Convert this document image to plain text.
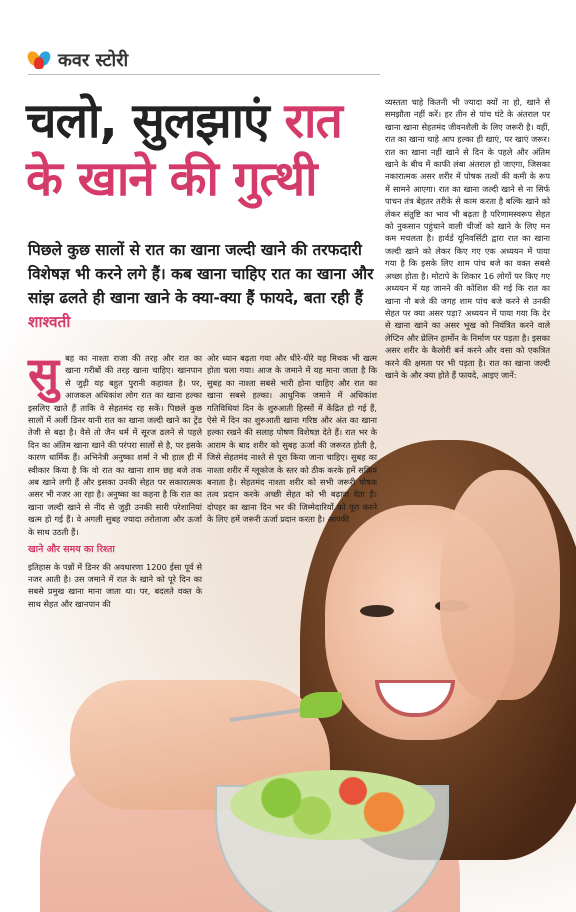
कवर स्टोरी
चलो, सुलझाएं रात
के खाने की गुत्थी
पिछले कुछ सालों से रात का खाना जल्दी खाने की तरफदारी विशेषज्ञ भी करने लगे हैं। कब खाना चाहिए रात का खाना और सांझ ढलते ही खाना खाने के क्या-क्या हैं फायदे, बता रही हैं शाश्वती
सु बह का नाश्ता राजा की तरह और रात का खाना गरीबों की तरह खाना चाहिए। खानपान से जुड़ी यह बहुत पुरानी कहावत है। पर, आजकल अधिकांश लोग रात का खाना हल्का इसलिए खाते हैं ताकि वे सेहतमंद रह सकें। पिछले कुछ सालों में अर्ली डिनर यानी रात का खाना जल्दी खाने का ट्रेंड तेजी से बढ़ा है। वैसे तो जैन धर्म में सूरज ढलने से पहले दिन का अंतिम खाना खाने की परंपरा सालों से है, पर इसके कारण धार्मिक हैं। अभिनेत्री अनुष्का शर्मा ने भी हाल ही में स्वीकार किया है कि वो रात का खाना शाम छह बजे तक अब खाने लगी हैं और इसका उनकी सेहत पर सकारात्मक असर भी नजर आ रहा है। अनुष्का का कहना है कि रात का खाना जल्दी खाने से नींद से जुड़ी उनकी सारी परेशानियां खत्म हो गई हैं। वे अगली सुबह ज्यादा तरोताजा और ऊर्जा के साथ उठती हैं।

खाने और समय का रिश्ता

इतिहास के पन्नों में डिनर की अवधारणा 1200 ईसा पूर्व से नजर आती है। उस जमाने में रात के खाने को पूरे दिन का सबसे प्रमुख खाना माना जाता था। पर, बदलते वक्त के साथ सेहत और खानपान की

ओर ध्यान बढ़ता गया और धीरे-धीरे यह मिथक भी खत्म होता चला गया। आज के जमाने में यह माना जाता है कि सुबह का नाश्ता सबसे भारी होना चाहिए और रात का खाना सबसे हल्का। आधुनिक जमाने में अधिकांश गतिविधियां दिन के शुरुआती हिस्सों में केंद्रित हो गई हैं, ऐसे में दिन का शुरुआती खाना गरिष्ठ और अंत का खाना हल्का रखने की सलाह पोषण विशेषज्ञ देते हैं। रात भर के आराम के बाद शरीर को सुबह ऊर्जा की जरूरत होती है, जिसे सेहतमंद नाश्ते से पूरा किया जाना चाहिए। सुबह का नाश्ता शरीर में ग्लूकोज के स्तर को ठीक करके हमें सक्रिय बनाता है। सेहतमंद नाश्ता शरीर को सभी जरूरी पोषक तत्व प्रदान करके अच्छी सेहत को भी बढ़ावा देता है। दोपहर का खाना दिन भर की जिम्मेदारियों को पूरा करने के लिए हमें जरूरी ऊर्जा प्रदान करता है। आपकी

व्यस्तता चाहे कितनी भी ज्यादा क्यों ना हो, खाने से समझौता नहीं करें। हर तीन से पांच घंटे के अंतराल पर खाना खाना सेहतमंद जीवनशैली के लिए जरूरी है। वहीं, रात का खाना चाहे आप हल्का ही खाएं, पर खाएं जरूर। रात का खाना नहीं खाने से दिन के पहले और अंतिम खाने के बीच में काफी लंबा अंतराल हो जाएगा, जिसका नकारात्मक असर शरीर में पोषक तत्वों की कमी के रूप में सामने आएगा। रात का खाना जल्दी खाने से ना सिर्फ पाचन तंत्र बेहतर तरीके से काम करता है बल्कि खाने को लेकर संतुष्टि का भाव भी बढ़ता है परिणामस्वरूप सेहत को नुकसान पहुंचाने वाली चीजों को खाने के लिए मन कम मचलता है। हार्वर्ड यूनिवर्सिटी द्वारा रात का खाना जल्दी खाने को लेकर किए गए एक अध्ययन में पाया गया है कि इसके लिए शाम पांच बजे का वक्त सबसे अच्छा होता है। मोटापे के शिकार 16 लोगों पर किए गए अध्ययन में यह जानने की कोशिश की गई कि रात का खाना नौ बजे की जगह शाम पांच बजे करने से उनकी सेहत पर क्या असर पड़ा? अध्ययन में पाया गया कि देर से खाना खाने का असर भूख को नियंत्रित करने वाले लेप्टिन और घ्रेलिन हार्मोन के निर्माण पर पड़ता है। इसका असर शरीर के कैलोरी बर्न करने और वसा को एकत्रित करने की क्षमता पर भी पड़ता है। रात का खाना जल्दी खाने के और क्या होते हैं फायदे, आइए जानें:
